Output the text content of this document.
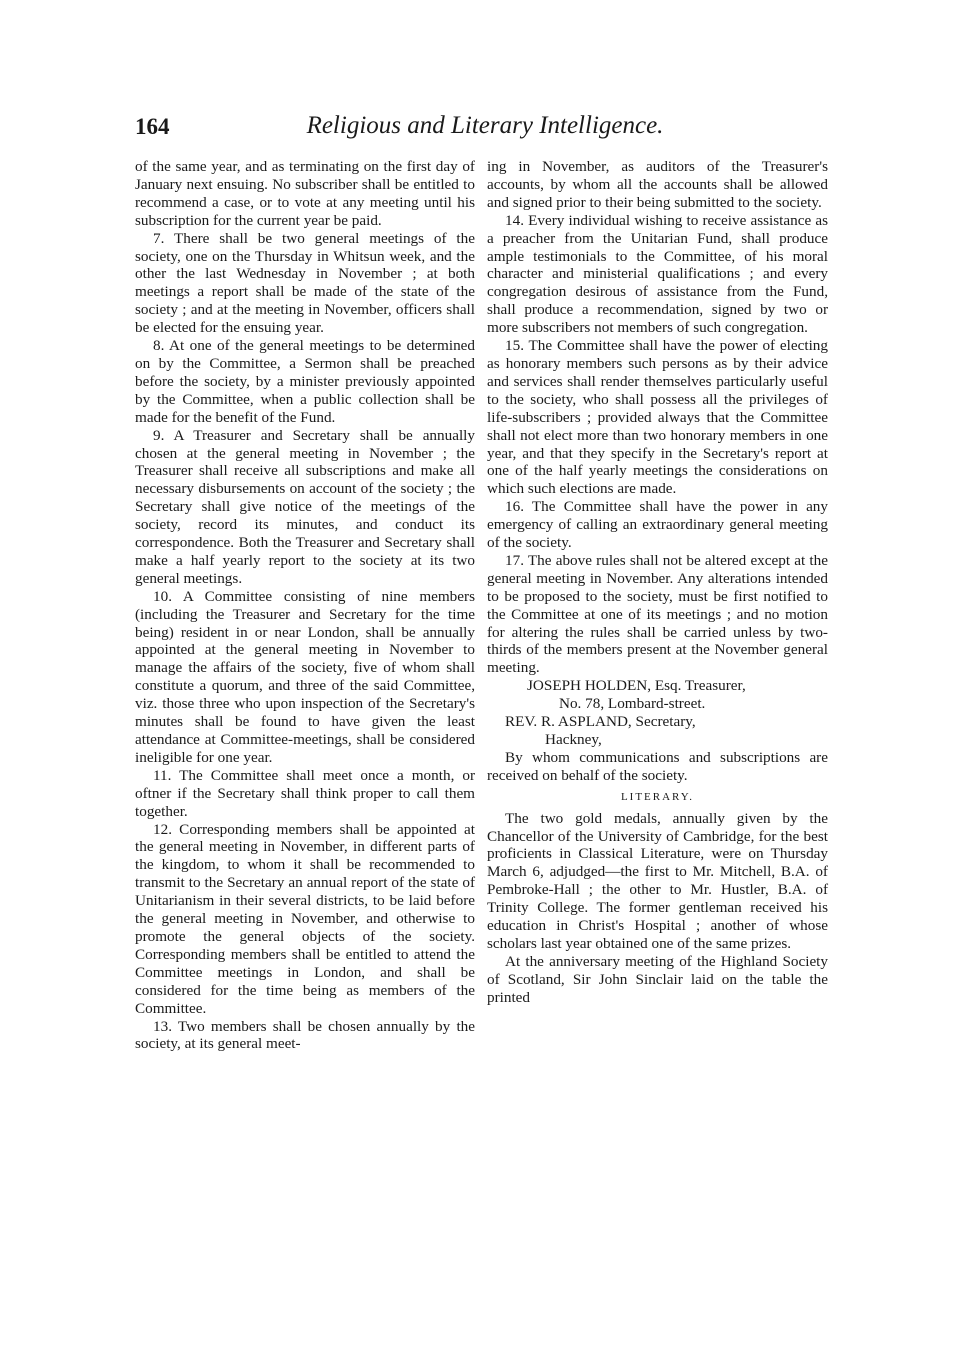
164	Religious and Literary Intelligence.

of the same year, and as terminating on the first day of January next ensuing. No subscriber shall be entitled to recommend a case, or to vote at any meeting until his subscription for the current year be paid.

7. There shall be two general meetings of the society, one on the Thursday in Whitsun week, and the other the last Wednesday in November ; at both meetings a report shall be made of the state of the society ; and at the meeting in November, officers shall be elected for the ensuing year.

8. At one of the general meetings to be determined on by the Committee, a Sermon shall be preached before the society, by a minister previously appointed by the Committee, when a public collection shall be made for the benefit of the Fund.

9. A Treasurer and Secretary shall be annually chosen at the general meeting in November ; the Treasurer shall receive all subscriptions and make all necessary disbursements on account of the society ; the Secretary shall give notice of the meetings of the society, record its minutes, and conduct its correspondence. Both the Treasurer and Secretary shall make a half yearly report to the society at its two general meetings.

10. A Committee consisting of nine members (including the Treasurer and Secretary for the time being) resident in or near London, shall be annually appointed at the general meeting in November to manage the affairs of the society, five of whom shall constitute a quorum, and three of the said Committee, viz. those three who upon inspection of the Secretary's minutes shall be found to have given the least attendance at Committee-meetings, shall be considered ineligible for one year.

11. The Committee shall meet once a month, or oftner if the Secretary shall think proper to call them together.

12. Corresponding members shall be appointed at the general meeting in November, in different parts of the kingdom, to whom it shall be recommended to transmit to the Secretary an annual report of the state of Unitarianism in their several districts, to be laid before the general meeting in November, and otherwise to promote the general objects of the society. Corresponding members shall be entitled to attend the Committee meetings in London, and shall be considered for the time being as members of the Committee.

13. Two members shall be chosen annually by the society, at its general meet-

ing in November, as auditors of the Treasurer's accounts, by whom all the accounts shall be allowed and signed prior to their being submitted to the society.

14. Every individual wishing to receive assistance as a preacher from the Unitarian Fund, shall produce ample testimonials to the Committee, of his moral character and ministerial qualifications ; and every congregation desirous of assistance from the Fund, shall produce a recommendation, signed by two or more subscribers not members of such congregation.

15. The Committee shall have the power of electing as honorary members such persons as by their advice and services shall render themselves particularly useful to the society, who shall possess all the privileges of life-subscribers ; provided always that the Committee shall not elect more than two honorary members in one year, and that they specify in the Secretary's report at one of the half yearly meetings the considerations on which such elections are made.

16. The Committee shall have the power in any emergency of calling an extraordinary general meeting of the society.

17. The above rules shall not be altered except at the general meeting in November. Any alterations intended to be proposed to the society, must be first notified to the Committee at one of its meetings ; and no motion for altering the rules shall be carried unless by two-thirds of the members present at the November general meeting.

JOSEPH HOLDEN, Esq. Treasurer,
No. 78, Lombard-street.
REV. R. ASPLAND, Secretary,
Hackney,

By whom communications and subscriptions are received on behalf of the society.

LITERARY.

The two gold medals, annually given by the Chancellor of the University of Cambridge, for the best proficients in Classical Literature, were on Thursday March 6, adjudged—the first to Mr. Mitchell, B.A. of Pembroke-Hall ; the other to Mr. Hustler, B.A. of Trinity College. The former gentleman received his education in Christ's Hospital ; another of whose scholars last year obtained one of the same prizes.

At the anniversary meeting of the Highland Society of Scotland, Sir John Sinclair laid on the table the printed
